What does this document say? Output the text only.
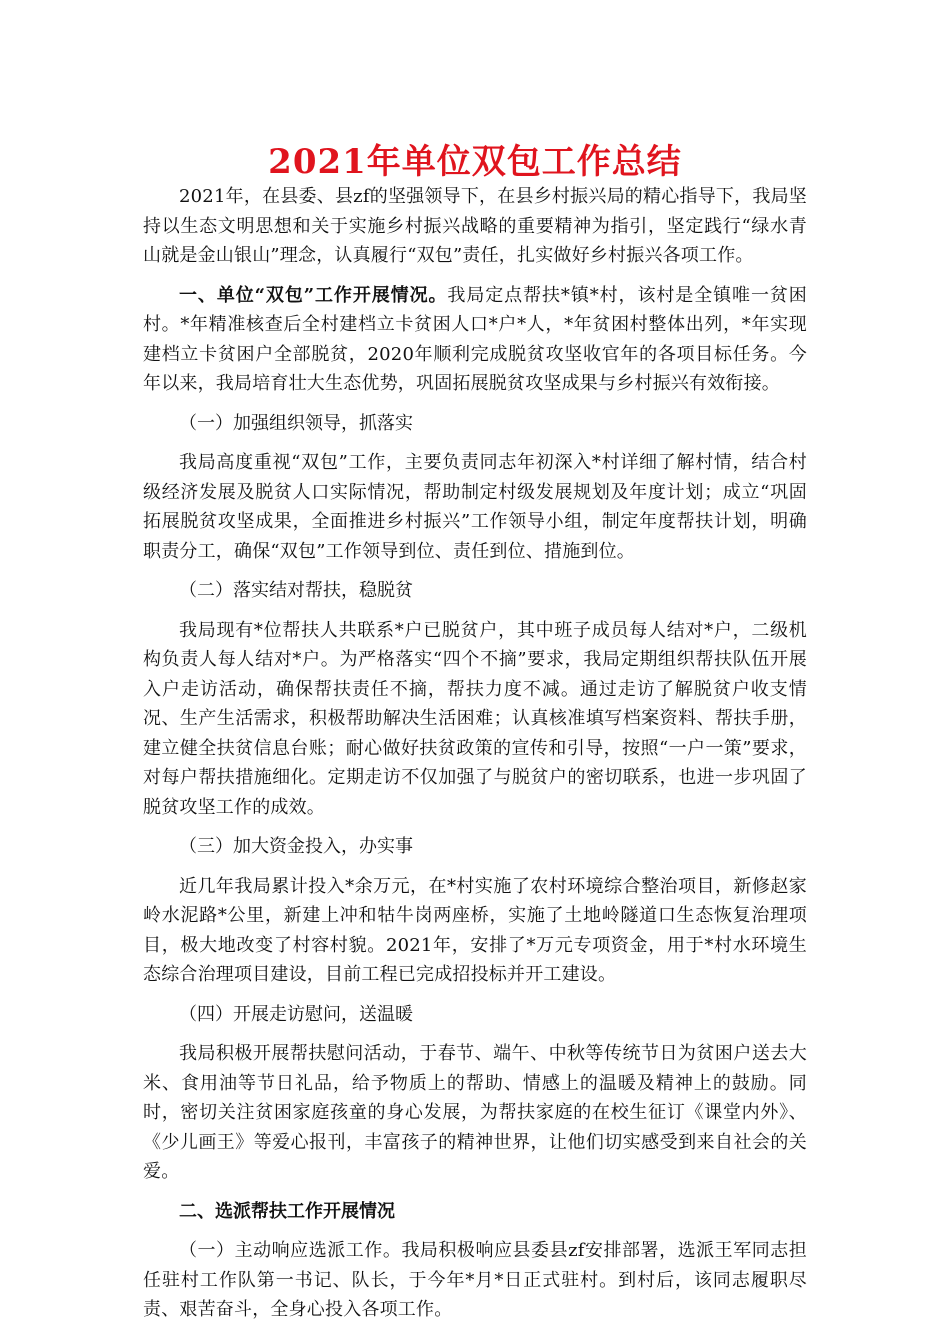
2021年单位双包工作总结

2021年，在县委、县zf的坚强领导下，在县乡村振兴局的精心指导下，我局坚持以生态文明思想和关于实施乡村振兴战略的重要精神为指引，坚定践行“绿水青山就是金山银山”理念，认真履行“双包”责任，扎实做好乡村振兴各项工作。

一、单位“双包”工作开展情况。我局定点帮扶*镇*村，该村是全镇唯一贫困村。*年精准核查后全村建档立卡贫困人口*户*人，*年贫困村整体出列，*年实现建档立卡贫困户全部脱贫，2020年顺利完成脱贫攻坚收官年的各项目标任务。今年以来，我局培育壮大生态优势，巩固拓展脱贫攻坚成果与乡村振兴有效衔接。

（一）加强组织领导，抓落实

我局高度重视“双包”工作，主要负责同志年初深入*村详细了解村情，结合村级经济发展及脱贫人口实际情况，帮助制定村级发展规划及年度计划；成立“巩固拓展脱贫攻坚成果，全面推进乡村振兴”工作领导小组，制定年度帮扶计划，明确职责分工，确保“双包”工作领导到位、责任到位、措施到位。

（二）落实结对帮扶，稳脱贫

我局现有*位帮扶人共联系*户已脱贫户，其中班子成员每人结对*户，二级机构负责人每人结对*户。为严格落实“四个不摘”要求，我局定期组织帮扶队伍开展入户走访活动，确保帮扶责任不摘，帮扶力度不减。通过走访了解脱贫户收支情况、生产生活需求，积极帮助解决生活困难；认真核准填写档案资料、帮扶手册，建立健全扶贫信息台账；耐心做好扶贫政策的宣传和引导，按照“一户一策”要求，对每户帮扶措施细化。定期走访不仅加强了与脱贫户的密切联系，也进一步巩固了脱贫攻坚工作的成效。

（三）加大资金投入，办实事

近几年我局累计投入*余万元，在*村实施了农村环境综合整治项目，新修赵家岭水泥路*公里，新建上冲和牯牛岗两座桥，实施了土地岭隧道口生态恢复治理项目，极大地改变了村容村貌。2021年，安排了*万元专项资金，用于*村水环境生态综合治理项目建设，目前工程已完成招投标并开工建设。

（四）开展走访慰问，送温暖

我局积极开展帮扶慰问活动，于春节、端午、中秋等传统节日为贫困户送去大米、食用油等节日礼品，给予物质上的帮助、情感上的温暖及精神上的鼓励。同时，密切关注贫困家庭孩童的身心发展，为帮扶家庭的在校生征订《课堂内外》、《少儿画王》等爱心报刊，丰富孩子的精神世界，让他们切实感受到来自社会的关爱。

二、选派帮扶工作开展情况

（一）主动响应选派工作。我局积极响应县委县zf安排部署，选派王军同志担任驻村工作队第一书记、队长，于今年*月*日正式驻村。到村后，该同志履职尽责、艰苦奋斗，全身心投入各项工作。
